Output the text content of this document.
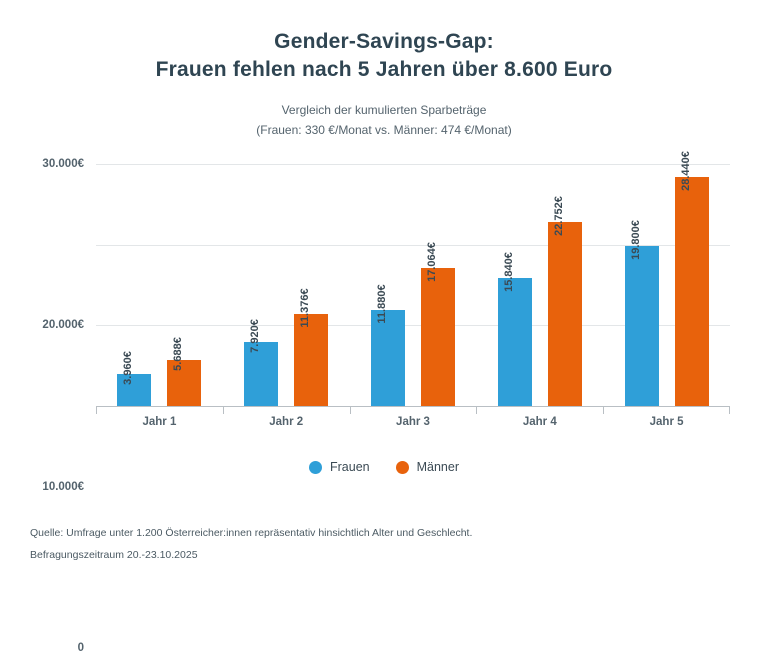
Gender-Savings-Gap:
Frauen fehlen nach 5 Jahren über 8.600 Euro
Vergleich der kumulierten Sparbeträge
(Frauen: 330 €/Monat vs. Männer: 474 €/Monat)
0
10.000€
20.000€
30.000€
3.960€	5.688€
7.920€
11.376€	11.880€
17.064€	15.840€
22.752€
19.800€
28.440€
Jahr 1	Jahr 2	Jahr 3	Jahr 4	Jahr 5
Frauen	Männer
Quelle: Umfrage unter 1.200 Österreicher:innen repräsentativ hinsichtlich Alter und Geschlecht.
Befragungszeitraum 20.-23.10.2025
